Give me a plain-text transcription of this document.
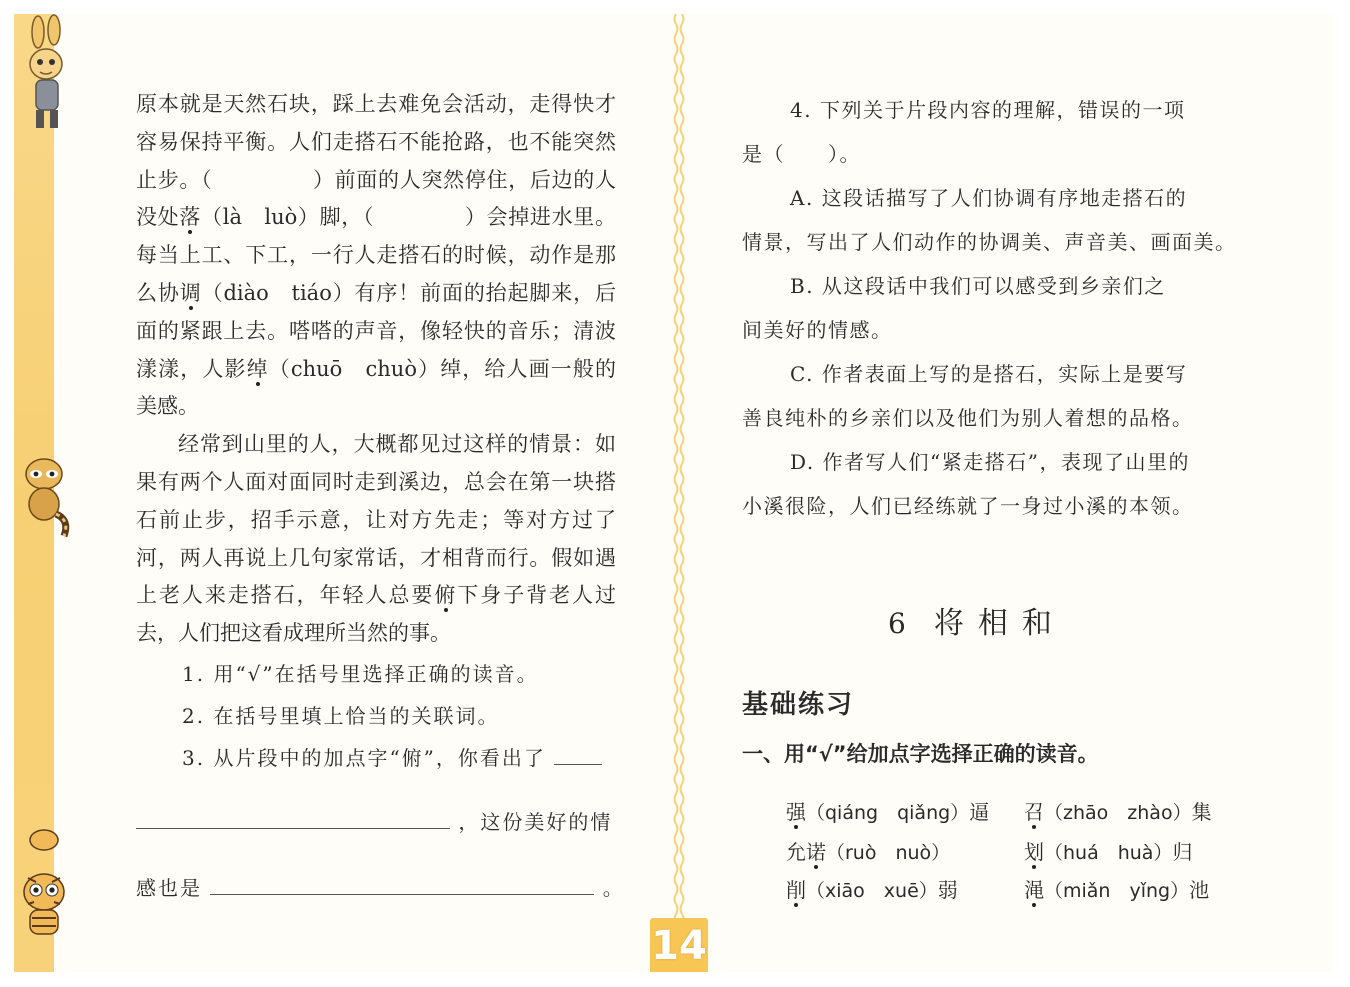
14

原本就是天然石块，踩上去难免会活动，走得快才容易保持平衡。人们走搭石不能抢路，也不能突然止步。（	）前面的人突然停住，后边的人没处落（là　luò）脚，（	）会掉进水里。每当上工、下工，一行人走搭石的时候，动作是那么协调（diào　tiáo）有序！前面的抬起脚来，后面的紧跟上去。嗒嗒的声音，像轻快的音乐；清波漾漾，人影绰（chuō　chuò）绰，给人画一般的美感。

经常到山里的人，大概都见过这样的情景：如果有两个人面对面同时走到溪边，总会在第一块搭石前止步，招手示意，让对方先走；等对方过了河，两人再说上几句家常话，才相背而行。假如遇上老人来走搭石，年轻人总要俯下身子背老人过去，人们把这看成理所当然的事。

1. 用“√”在括号里选择正确的读音。
2. 在括号里填上恰当的关联词。
3. 从片段中的加点字“俯”，你看出了
，这份美好的情
感也是	。
4. 下列关于片段内容的理解，错误的一项
是（　　）。
A. 这段话描写了人们协调有序地走搭石的
情景，写出了人们动作的协调美、声音美、画面美。
B. 从这段话中我们可以感受到乡亲们之
间美好的情感。
C. 作者表面上写的是搭石，实际上是要写
善良纯朴的乡亲们以及他们为别人着想的品格。
D. 作者写人们“紧走搭石”，表现了山里的
小溪很险，人们已经练就了一身过小溪的本领。
6 将相和
基础练习
一、用“√”给加点字选择正确的读音。
强（qiáng　qiǎng）逼 召（zhāo　zhào）集
允诺（ruò　nuò）	划（huá　huà）归
削（xiāo　xuē）弱	渑（miǎn　yǐng）池
